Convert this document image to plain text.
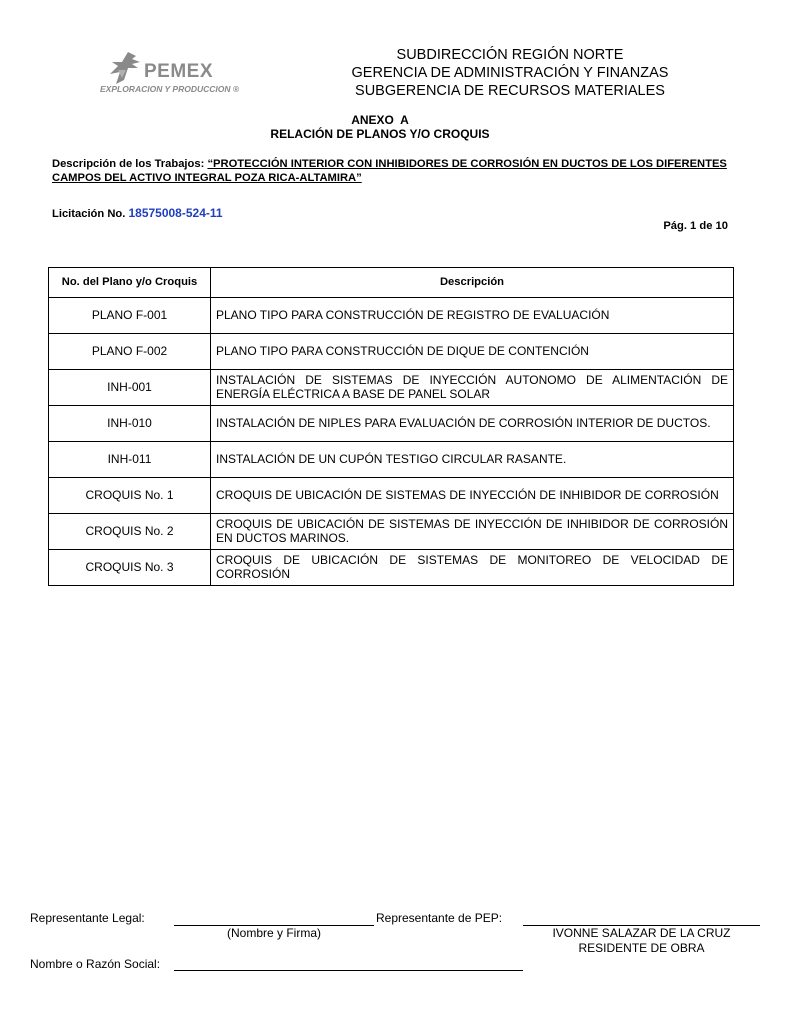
PEMEX
EXPLORACION Y PRODUCCION ®
SUBDIRECCIÓN REGIÓN NORTE
GERENCIA DE ADMINISTRACIÓN Y FINANZAS
SUBGERENCIA DE RECURSOS MATERIALES
ANEXO  A
RELACIÓN DE PLANOS Y/O CROQUIS
Descripción de los Trabajos: “PROTECCIÓN INTERIOR CON INHIBIDORES DE CORROSIÓN EN DUCTOS DE LOS DIFERENTES CAMPOS DEL ACTIVO INTEGRAL POZA RICA-ALTAMIRA”
Licitación No. 18575008-524-11
Pág. 1 de 10
No. del Plano y/o Croquis	Descripción
PLANO F-001	PLANO TIPO PARA CONSTRUCCIÓN DE REGISTRO DE EVALUACIÓN
PLANO F-002	PLANO TIPO PARA CONSTRUCCIÓN DE DIQUE DE CONTENCIÓN
INH-001	INSTALACIÓN DE SISTEMAS DE INYECCIÓN AUTONOMO DE ALIMENTACIÓN DE ENERGÍA ELÉCTRICA A BASE DE PANEL SOLAR
INH-010	INSTALACIÓN DE NIPLES PARA EVALUACIÓN DE CORROSIÓN INTERIOR DE DUCTOS.
INH-011	INSTALACIÓN DE UN CUPÓN TESTIGO CIRCULAR RASANTE.
CROQUIS No. 1	CROQUIS DE UBICACIÓN DE SISTEMAS DE INYECCIÓN DE INHIBIDOR DE CORROSIÓN
CROQUIS No. 2	CROQUIS DE UBICACIÓN DE SISTEMAS DE INYECCIÓN DE INHIBIDOR DE CORROSIÓN EN DUCTOS MARINOS.
CROQUIS No. 3	CROQUIS DE UBICACIÓN DE SISTEMAS DE MONITOREO DE VELOCIDAD DE CORROSIÓN
Representante Legal:	Representante de PEP:
(Nombre y Firma)	IVONNE SALAZAR DE LA CRUZ
RESIDENTE DE OBRA
Nombre o Razón Social:
